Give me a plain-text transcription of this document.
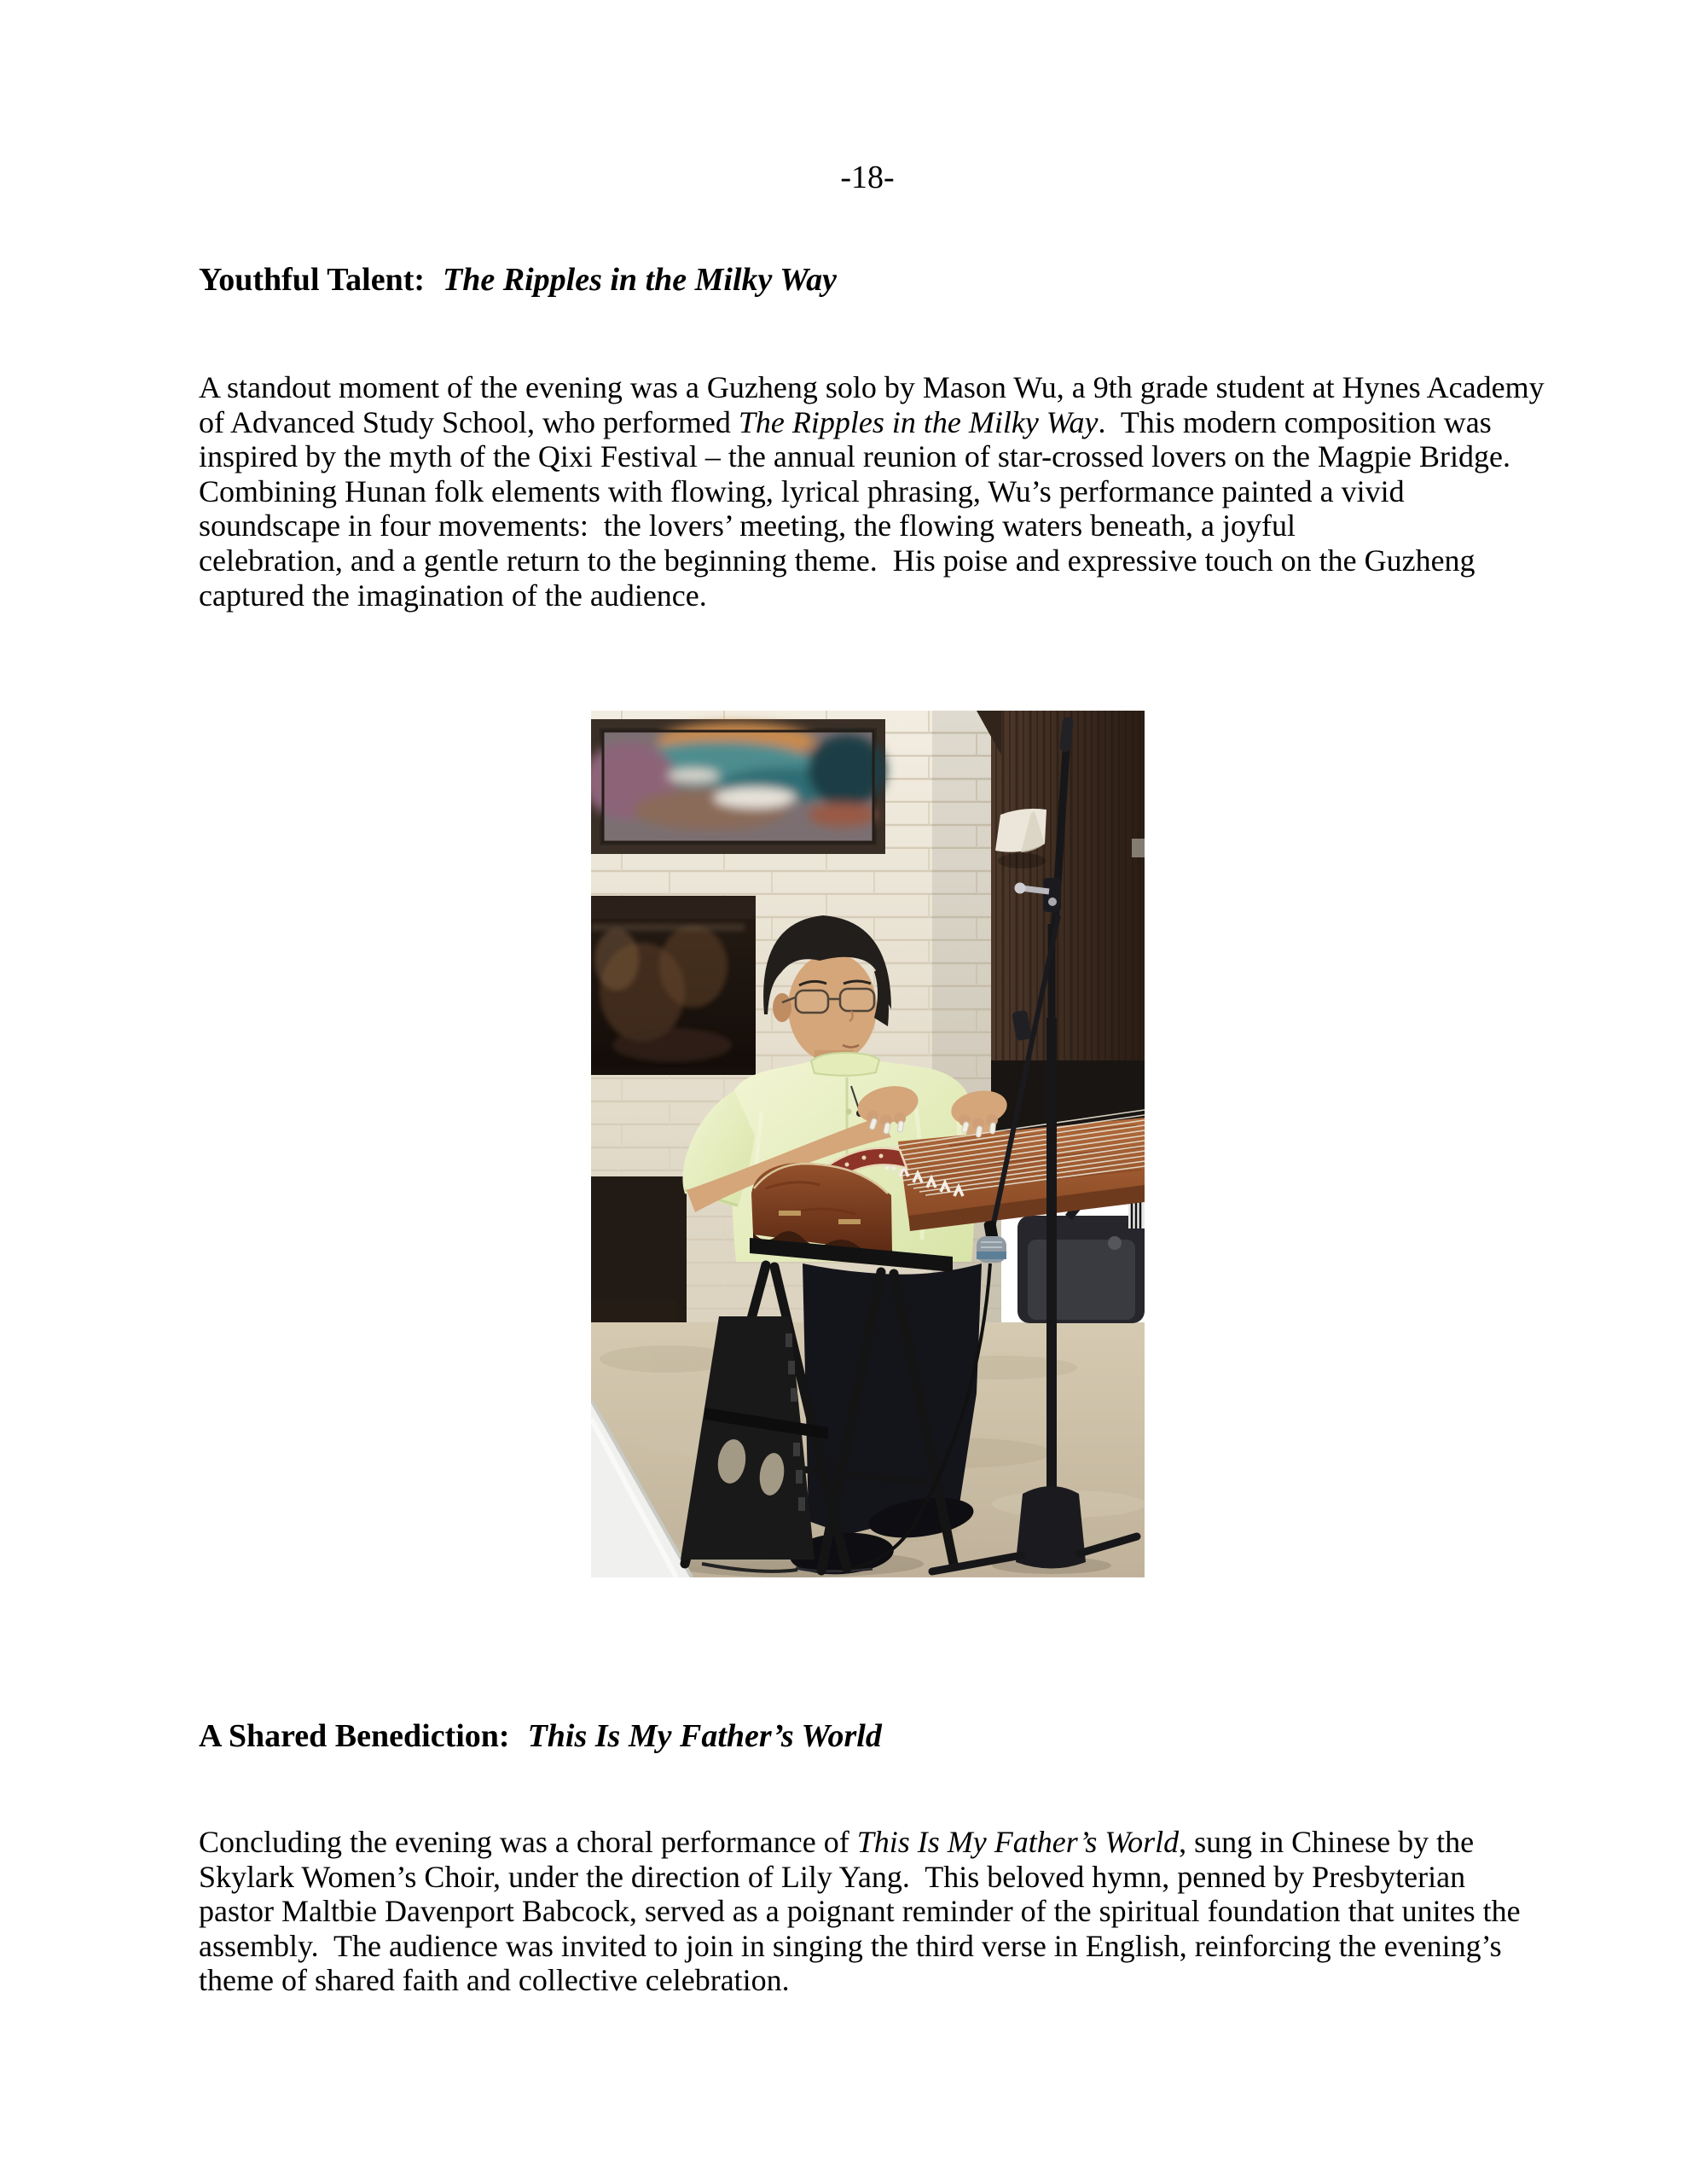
-18-
Youthful Talent: The Ripples in the Milky Way
A standout moment of the evening was a Guzheng solo by Mason Wu, a 9th grade student at Hynes Academy
of Advanced Study School, who performed The Ripples in the Milky Way.  This modern composition was
inspired by the myth of the Qixi Festival – the annual reunion of star-crossed lovers on the Magpie Bridge.
Combining Hunan folk elements with flowing, lyrical phrasing, Wu’s performance painted a vivid
soundscape in four movements:  the lovers’ meeting, the flowing waters beneath, a joyful
celebration, and a gentle return to the beginning theme.  His poise and expressive touch on the Guzheng
captured the imagination of the audience.
A Shared Benediction: This Is My Father’s World
Concluding the evening was a choral performance of This Is My Father’s World, sung in Chinese by the
Skylark Women’s Choir, under the direction of Lily Yang.  This beloved hymn, penned by Presbyterian
pastor Maltbie Davenport Babcock, served as a poignant reminder of the spiritual foundation that unites the
assembly.  The audience was invited to join in singing the third verse in English, reinforcing the evening’s
theme of shared faith and collective celebration.
